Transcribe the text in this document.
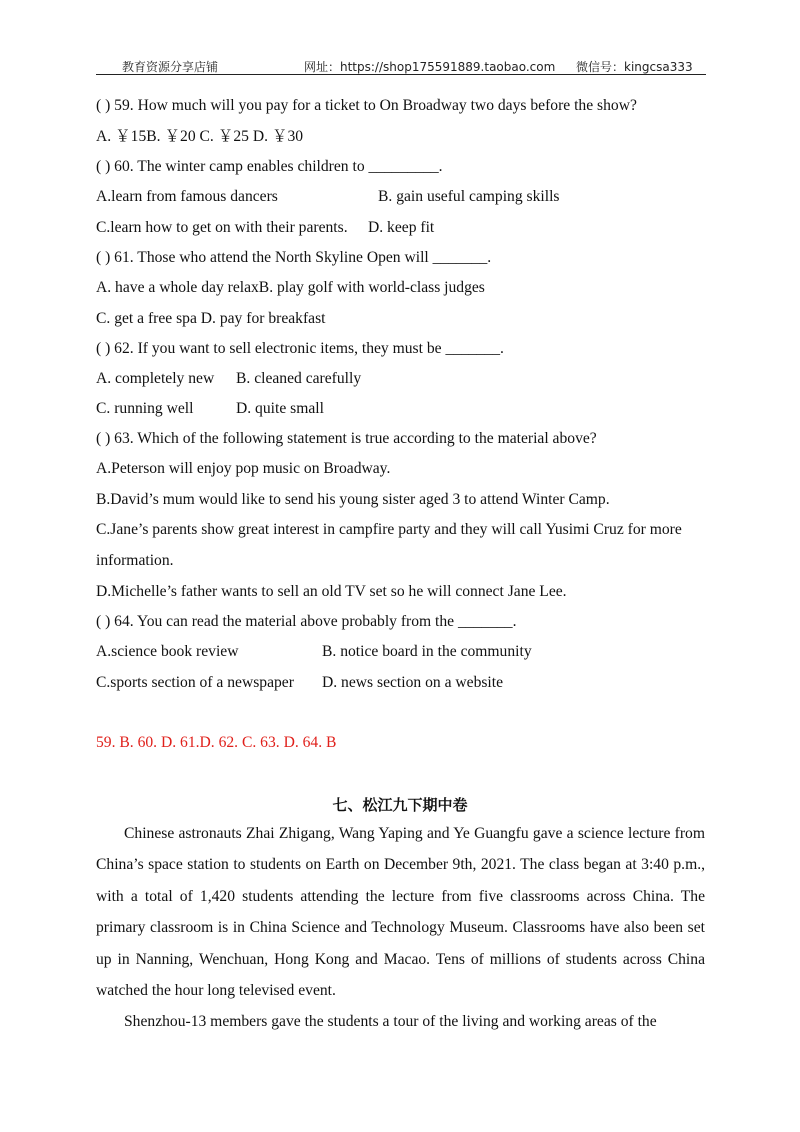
教育资源分享店铺	网址：https://shop175591889.taobao.com 微信号：kingcsa333
( ) 59. How much will you pay for a ticket to On Broadway two days before the show?
A. ￥15B. ￥20 C. ￥25 D. ￥30
( ) 60. The winter camp enables children to _________.
A.learn from famous dancers	B. gain useful camping skills
C.learn how to get on with their parents. D. keep fit
( ) 61. Those who attend the North Skyline Open will _______.
A. have a whole day relaxB. play golf with world-class judges
C. get a free spa D. pay for breakfast
( ) 62. If you want to sell electronic items, they must be _______.
A. completely new B. cleaned carefully
C. running well	D. quite small
( ) 63. Which of the following statement is true according to the material above?
A.Peterson will enjoy pop music on Broadway.
B.David’s mum would like to send his young sister aged 3 to attend Winter Camp.
C.Jane’s parents show great interest in campfire party and they will call Yusimi Cruz for more
information.
D.Michelle’s father wants to sell an old TV set so he will connect Jane Lee.
( ) 64. You can read the material above probably from the _______.
A.science book review	B. notice board in the community
C.sports section of a newspaper D. news section on a website
59. B. 60. D. 61.D. 62. C. 63. D. 64. B
七、松江九下期中卷
Chinese astronauts Zhai Zhigang, Wang Yaping and Ye Guangfu gave a science lecture from China’s space station to students on Earth on December 9th, 2021. The class began at 3:40 p.m., with a total of 1,420 students attending the lecture from five classrooms across China. The primary classroom is in China Science and Technology Museum. Classrooms have also been set up in Nanning, Wenchuan, Hong Kong and Macao. Tens of millions of students across China watched the hour long televised event.
Shenzhou-13 members gave the students a tour of the living and working areas of the
